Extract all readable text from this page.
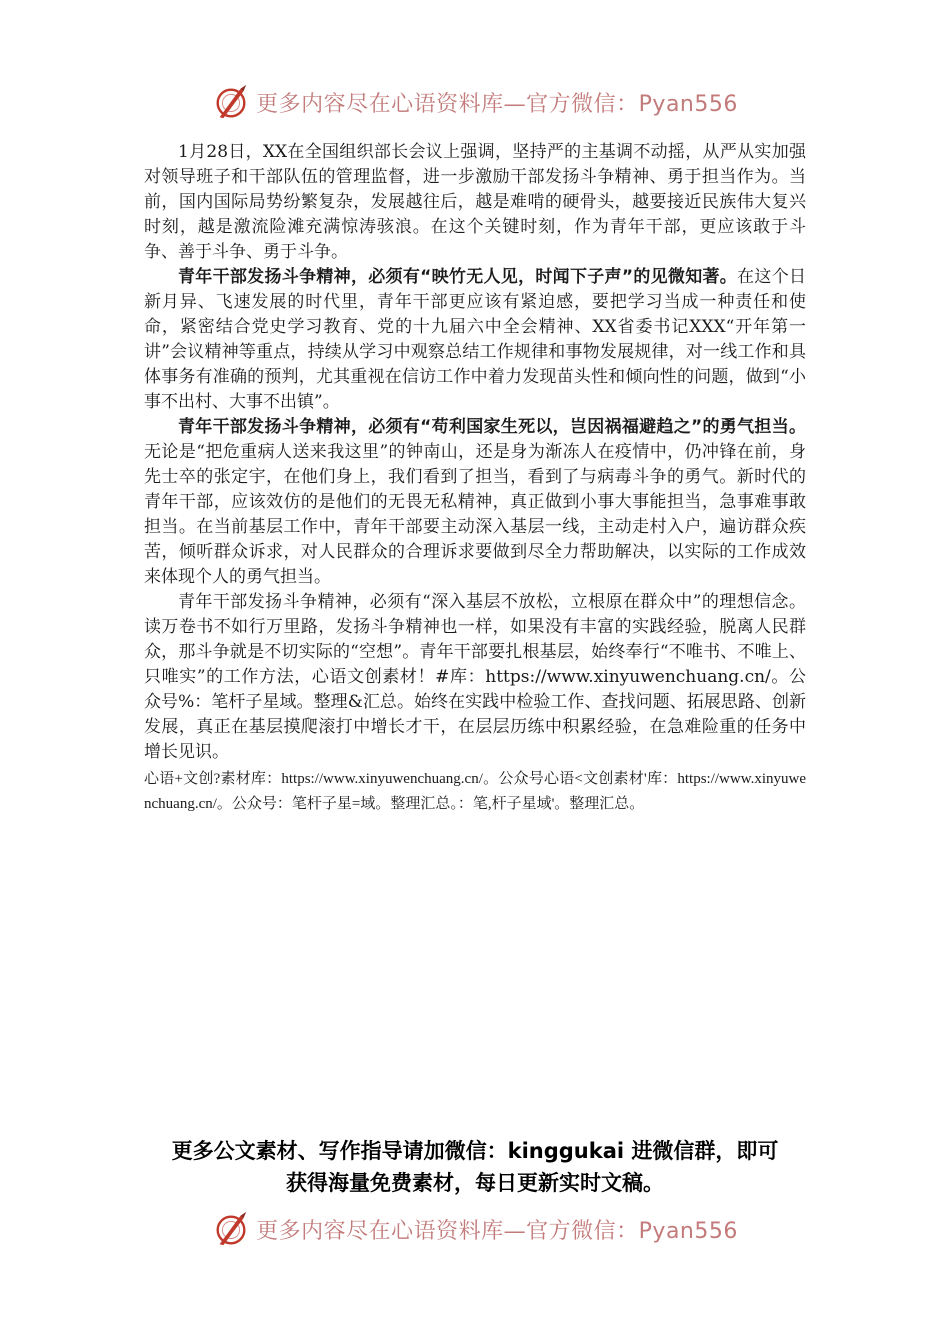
更多内容尽在心语资料库—官方微信：Pyan556

1月28日，XX在全国组织部长会议上强调，坚持严的主基调不动摇，从严从实加强对领导班子和干部队伍的管理监督，进一步激励干部发扬斗争精神、勇于担当作为。当前，国内国际局势纷繁复杂，发展越往后，越是难啃的硬骨头，越要接近民族伟大复兴时刻，越是激流险滩充满惊涛骇浪。在这个关键时刻，作为青年干部，更应该敢于斗争、善于斗争、勇于斗争。

青年干部发扬斗争精神，必须有“映竹无人见，时闻下子声”的见微知著。在这个日新月异、飞速发展的时代里，青年干部更应该有紧迫感，要把学习当成一种责任和使命，紧密结合党史学习教育、党的十九届六中全会精神、XX省委书记XXX“开年第一讲”会议精神等重点，持续从学习中观察总结工作规律和事物发展规律，对一线工作和具体事务有准确的预判，尤其重视在信访工作中着力发现苗头性和倾向性的问题，做到“小事不出村、大事不出镇”。

青年干部发扬斗争精神，必须有“苟利国家生死以，岂因祸福避趋之”的勇气担当。无论是“把危重病人送来我这里”的钟南山，还是身为渐冻人在疫情中，仍冲锋在前，身先士卒的张定宇，在他们身上，我们看到了担当，看到了与病毒斗争的勇气。新时代的青年干部，应该效仿的是他们的无畏无私精神，真正做到小事大事能担当，急事难事敢担当。在当前基层工作中，青年干部要主动深入基层一线，主动走村入户，遍访群众疾苦，倾听群众诉求，对人民群众的合理诉求要做到尽全力帮助解决，以实际的工作成效来体现个人的勇气担当。

青年干部发扬斗争精神，必须有“深入基层不放松，立根原在群众中”的理想信念。读万卷书不如行万里路，发扬斗争精神也一样，如果没有丰富的实践经验，脱离人民群众，那斗争就是不切实际的“空想”。青年干部要扎根基层，始终奉行“不唯书、不唯上、只唯实”的工作方法，心语文创素材！#库：https://www.xinyuwenchuang.cn/。公众号%：笔杆子星域。整理&汇总。始终在实践中检验工作、查找问题、拓展思路、创新发展，真正在基层摸爬滚打中增长才干，在层层历练中积累经验，在急难险重的任务中增长见识。

心语+文创?素材库：https://www.xinyuwenchuang.cn/。公众号心语<文创素材'库：https://www.xinyuwenchuang.cn/。公众号：笔杆子星=域。整理汇总。：笔,杆子星域'。整理汇总。

更多公文素材、写作指导请加微信：kinggukai 进微信群，即可
获得海量免费素材，每日更新实时文稿。
更多内容尽在心语资料库—官方微信：Pyan556
